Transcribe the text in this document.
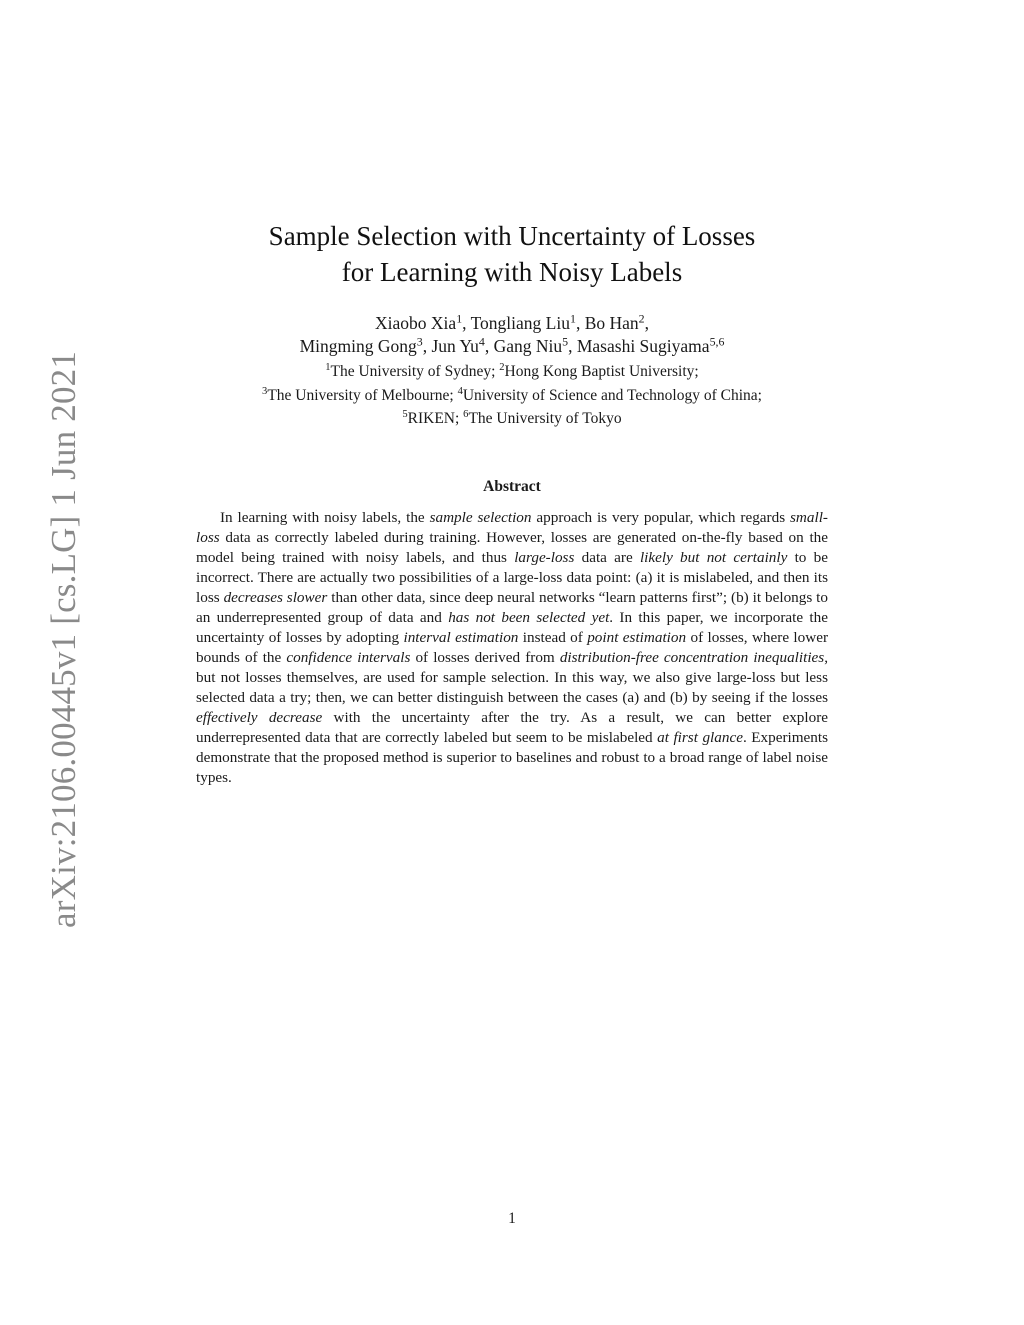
arXiv:2106.00445v1 [cs.LG] 1 Jun 2021
Sample Selection with Uncertainty of Losses
for Learning with Noisy Labels
Xiaobo Xia$^1$, Tongliang Liu$^1$, Bo Han$^2$,
Mingming Gong$^3$, Jun Yu$^4$, Gang Niu$^5$, Masashi Sugiyama$^{5,6}$
$^1$The University of Sydney; $^2$Hong Kong Baptist University;
$^3$The University of Melbourne; $^4$University of Science and Technology of China;
$^5$RIKEN; $^6$The University of Tokyo
Abstract

In learning with noisy labels, the sample selection approach is very popular, which regards small-loss data as correctly labeled during training. However, losses are generated on-the-fly based on the model being trained with noisy labels, and thus large-loss data are likely but not certainly to be incorrect. There are actually two possibilities of a large-loss data point: (a) it is mislabeled, and then its loss decreases slower than other data, since deep neural networks “learn patterns first”; (b) it belongs to an underrepresented group of data and has not been selected yet. In this paper, we incorporate the uncertainty of losses by adopting interval estimation instead of point estimation of losses, where lower bounds of the confidence intervals of losses derived from distribution-free concentration inequalities, but not losses themselves, are used for sample selection. In this way, we also give large-loss but less selected data a try; then, we can better distinguish between the cases (a) and (b) by seeing if the losses effectively decrease with the uncertainty after the try. As a result, we can better explore underrepresented data that are correctly labeled but seem to be mislabeled at first glance. Experiments demonstrate that the proposed method is superior to baselines and robust to a broad range of label noise types.

1
